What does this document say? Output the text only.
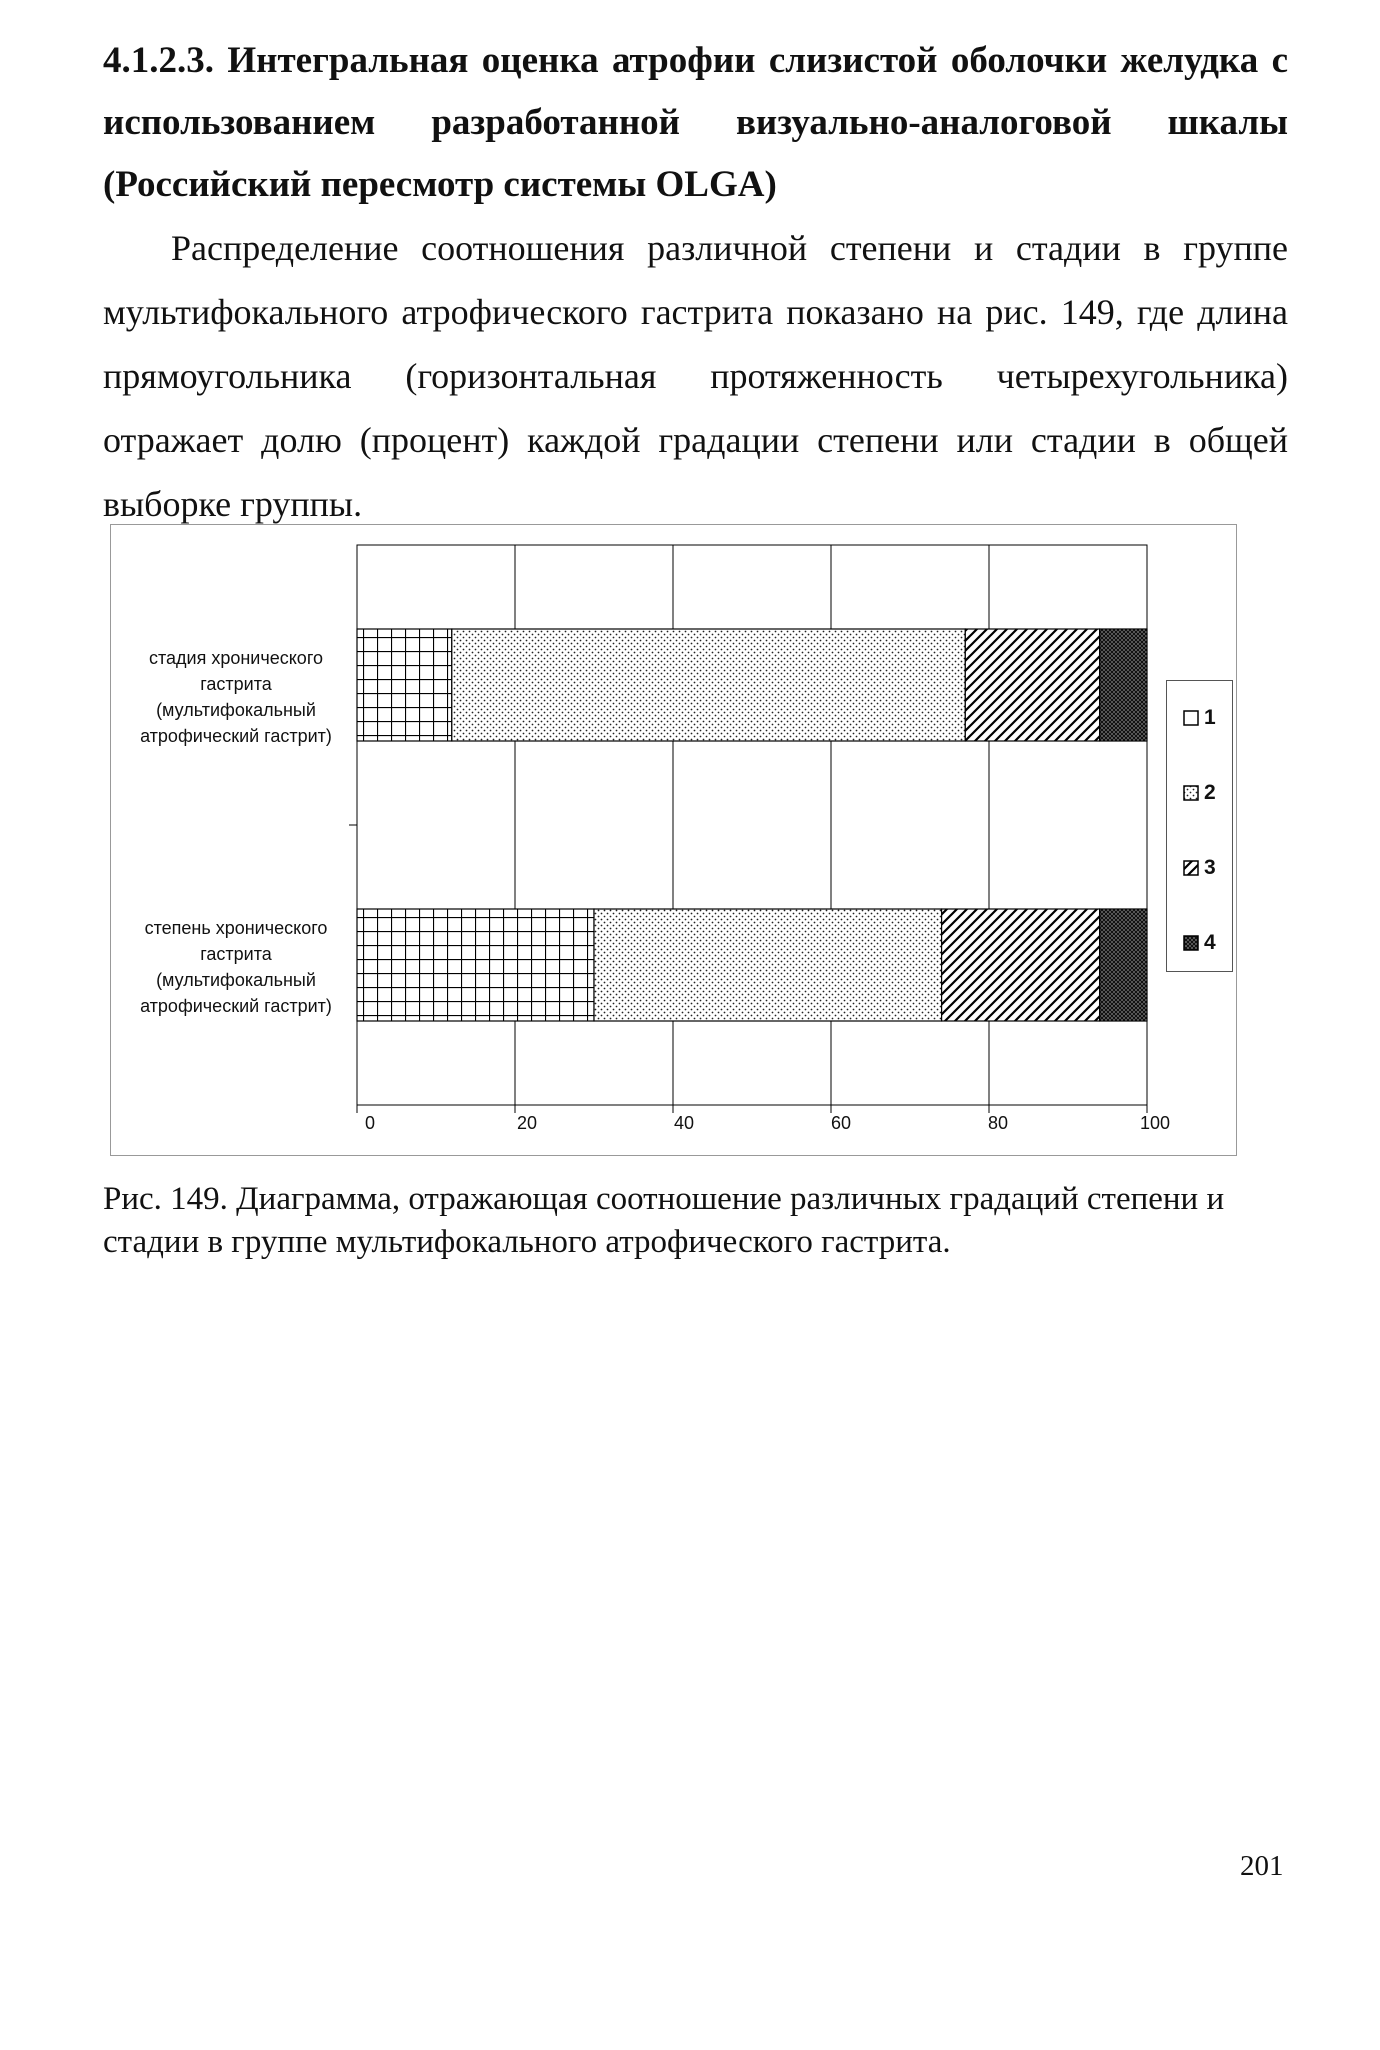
4.1.2.3. Интегральная оценка атрофии слизистой оболочки желудка с использованием разработанной визуально-аналоговой шкалы (Российский пересмотр системы OLGA)

Распределение соотношения различной степени и стадии в группе мультифокального атрофического гастрита показано на рис. 149, где длина прямоугольника (горизонтальная протяженность четырехугольника) отражает долю (процент) каждой градации степени или стадии в общей выборке группы.

стадия хронического гастрита (мультифокальный атрофический гастрит)
степень хронического гастрита (мультифокальный атрофический гастрит)
0	20	40	60	80	100
1
2
3
4

Рис. 149. Диаграмма, отражающая соотношение различных градаций степени и стадии в группе мультифокального атрофического гастрита.

201
